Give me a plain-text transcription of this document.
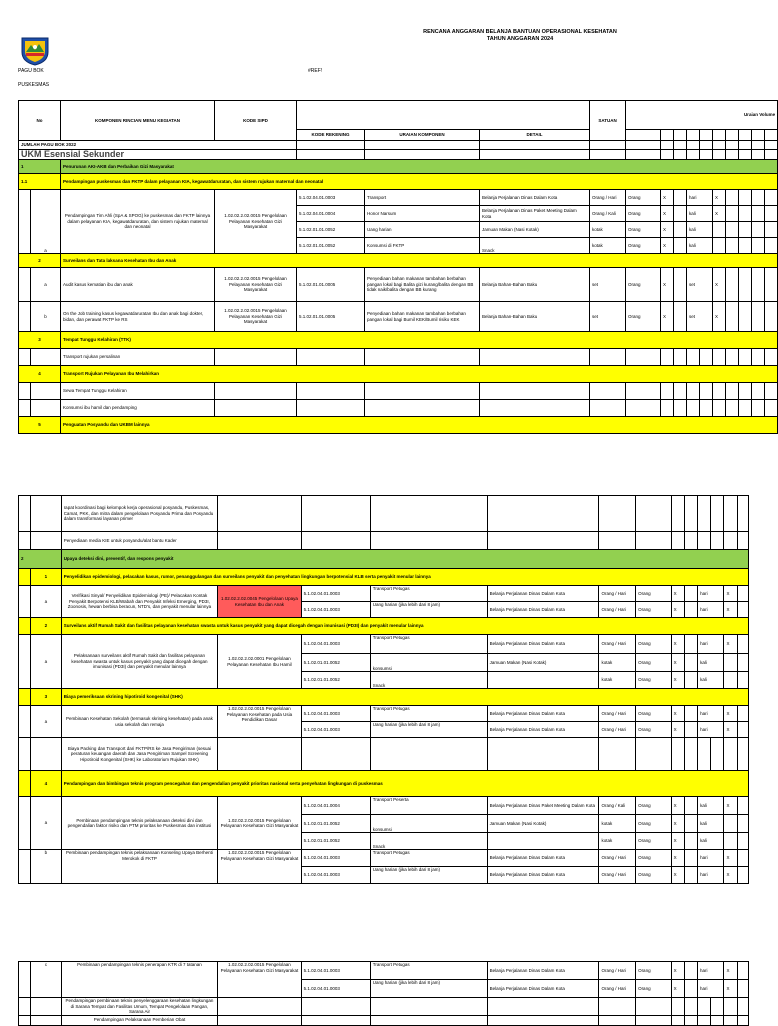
RENCANA ANGGARAN BELANJA BANTUAN OPERASIONAL KESEHATAN
TAHUN ANGGARAN 2024
PAGU BOK	#REF!
PUSKESMAS
No		KOMPONEN RINCIAN MENU KEGIATAN	KODE SIPD				SATUAN	Uraian Volume									
				KODE REKENING	URAIAN KOMPONEN	DETAIL											
JUMLAH PAGU BOK 2022																	
UKM Esensial Sekunder																	
1		Penurunan AKI-AKB dan Perbaikan Gizi Masyarakat															
1.1		Pendampingan puskesmas dan FKTP dalam pelayanan KIA, kegawatdaruratan, dan sistem rujukan maternal dan neonatal															
	a	Pendampingan Tim Ahli (SpA & SPOG) ke puskesmas dan FKTP lainnya dalam pelayanan KIA, kegawatdaruratan, dan sistem rujukan maternal dan neonatal	1.02.02.2.02.0015 Pengelolaan Pelayanan Kesehatan Gizi Masyarakat	5.1.02.04.01.0003	Transport	Belanja Perjalanan Dinas Dalam Kota	Orang / Hari	Orang	X		hari		X				
				5.1.02.04.01.0004	Honor Narsum	Belanja Perjalanan Dinas Paket Meeting Dalam Kota	Orang / Kali	Orang	X		kali		X				
				5.1.02.01.01.0052	Uang harian	Jamuan Makan (Nasi Kotak)	kotak	Orang	X		kali						
				5.1.02.01.01.0052	Konsumsi di FKTP	Snack	kotak	Orang	X		kali						
2		Surveilans dan Tata laksana Kesehatan Ibu dan Anak															
	a	Audit kasus kematian ibu dan anak	1.02.02.2.02.0015 Pengelolaan Pelayanan Kesehatan Gizi Masyarakat	5.1.02.01.01.0005	Penyediaan bahan makanan tambahan berbahan pangan lokal bagi Balita gizi kurang/balita dengan BB tidak naik/balita dengan BB kurang	Belanja Bahan-Bahan Baku	set	Orang	X		set		X				
	b	On the Job training kasus kegawatdaruratan Ibu dan anak bagi dokter, bidan, dan perawat FKTP ke RS	1.02.02.2.02.0015 Pengelolaan Pelayanan Kesehatan Gizi Masyarakat	5.1.02.01.01.0005	Penyediaan bahan makanan tambahan berbahan pangan lokal bagi Bumil KEK/Bumil risiko KEK	Belanja Bahan-Bahan Baku	set	Orang	X		set		X				
3		Tempat Tunggu Kelahiran (TTK)															
		Transport rujukan persalinan															
4		Transport Rujukan Pelayanan Ibu Melahirkan															
		Sewa Tempat Tunggu Kelahiran															
		Konsumsi ibu hamil dan pendamping															
5		Penguatan Posyandu dan UKBM lainnya															
		rapat koordinasi bagi kelompok kerja operasional posyandu, Puskesmas, Camat, PKK, dan mitra dalam pengelolaan Posyandu Prima dan Posyandu dalam transformasi layanan primer												
		Penyediaan media KIE untuk posyandu/alat bantu Kader												
2		Upaya deteksi dini, preventif, dan respons penyakit												
	1	Penyelidikan epidemiologi, pelacakan kasus, rumor, penanggulangan dan surveilans penyakit dan penyehatan lingkungan berpotensial KLB serta penyakit menular lainnya												
	a	Verifikasi Sinyal/ Penyelidikan Epidemiologi (PE)/ Pelacakan Kontak Penyakit Berpotensi KLB/Wabah dan Penyakit Infeksi Emerging, PD3I, Zoonosis, hewan berbisa beracun, NTD's, dan penyakit menular lainnya	1.02.02.2.02.0045 Pengelolaan Upaya Kesehatan Ibu dan Anak	5.1.02.04.01.0003	Transport Petugas	Belanja Perjalanan Dinas Dalam Kota	Orang / Hari	Orang	X		hari		X	
				5.1.02.04.01.0003	Uang harian (jika lebih dari 8 jam)	Belanja Perjalanan Dinas Dalam Kota	Orang / Hari	Orang	X		hari		X	
	2	Surveilans aktif Rumah Sakit dan fasilitas pelayanan kesehatan swasta untuk kasus penyakit yang dapat dicegah dengan imunisasi (PD3I) dan penyakit menular lainnya												
	a	Pelaksanaan surveilans aktif Rumah Sakit dan fasilitas pelayanan kesehatan swasta untuk kasus penyakit yang dapat dicegah dengan imunisasi (PD3I) dan penyakit menular lainnya	1.02.02.2.02.0001 Pengelolaan Pelayanan Kesehatan Ibu Hamil	5.1.02.04.01.0003	Transport Petugas	Belanja Perjalanan Dinas Dalam Kota	Orang / Hari	Orang	X		hari		X	
				5.1.02.01.01.0052	konsumsi	Jamuan Makan (Nasi Kotak)	kotak	Orang	X		kali			
				5.1.02.01.01.0052	Snack		kotak	Orang	X		kali			
	3	Biaya pemeriksaan skrining hipotiroid kongenital (SHK)												
	a	Pembinaan Kesehatan Sekolah (termasuk skrining kesehatan) pada anak usia sekolah dan remaja	1.02.02.2.02.0015 Pengelolaan Pelayanan Kesehatan pada Usia Pendidikan Dasar	5.1.02.04.01.0003	Transport Petugas	Belanja Perjalanan Dinas Dalam Kota	Orang / Hari	Orang	X		hari		X	
				5.1.02.04.01.0003	Uang harian (jika lebih dari 8 jam)	Belanja Perjalanan Dinas Dalam Kota	Orang / Hari	Orang	X		hari		X	
		Biaya Packing dan Transport dari FKTP/RS ke Jasa Pengiriman (sesuai peraturan keuangan daerah dan Jasa Pengiriman Sampel Screening Hipotiroid Kongenital (SHK) ke Laboratorium Rujukan SHK)												
	4	Pendampingan dan bimbingan teknis program pencegahan dan pengendalian penyakit prioritas nasional serta penyehatan lingkungan di puskesmas												
	a	Pembinaan pendampingan teknis pelaksanaan deteksi dini dan pengendalian faktor risiko dan PTM prioritas ke Puskesmas dan institusi	1.02.02.2.02.0015 Pengelolaan Pelayanan Kesehatan Gizi Masyarakat	5.1.02.04.01.0004	Transport Peserta	Belanja Perjalanan Dinas Paket Meeting Dalam Kota	Orang / Kali	Orang	X		kali		X	
				5.1.02.01.01.0052	konsumsi	Jamuan Makan (Nasi Kotak)	kotak	Orang	X		kali			
				5.1.02.01.01.0052	Snack		kotak	Orang	X		kali			
	b	Pembinaan pendampingan teknis pelaksanaan Konseling Upaya Berhenti Merokok di FKTP	1.02.02.2.02.0015 Pengelolaan Pelayanan Kesehatan Gizi Masyarakat	5.1.02.04.01.0003	Transport Petugas	Belanja Perjalanan Dinas Dalam Kota	Orang / Hari	Orang	X		hari		X	
				5.1.02.04.01.0003	Uang harian (jika lebih dari 8 jam)	Belanja Perjalanan Dinas Dalam Kota	Orang / Hari	Orang	X		hari		X	
	c	Pembinaan pendampingan teknis penerapan KTR di 7 tatanan	1.02.02.2.02.0015 Pengelolaan Pelayanan Kesehatan Gizi Masyarakat	5.1.02.04.01.0003	Transport Petugas	Belanja Perjalanan Dinas Dalam Kota	Orang / Hari	Orang	X		hari		X	
				5.1.02.04.01.0003	Uang harian (jika lebih dari 8 jam)	Belanja Perjalanan Dinas Dalam Kota	Orang / Hari	Orang	X		hari		X	
		Pendampingan pembinaan teknis penyelenggaraan kesehatan lingkungan di Sarana Tempat dan Fasilitas Umum, Tempat Pengelolaan Pangan, Sarana Air												
		Pendampingan Pelaksanaan Pemberian Obat												
